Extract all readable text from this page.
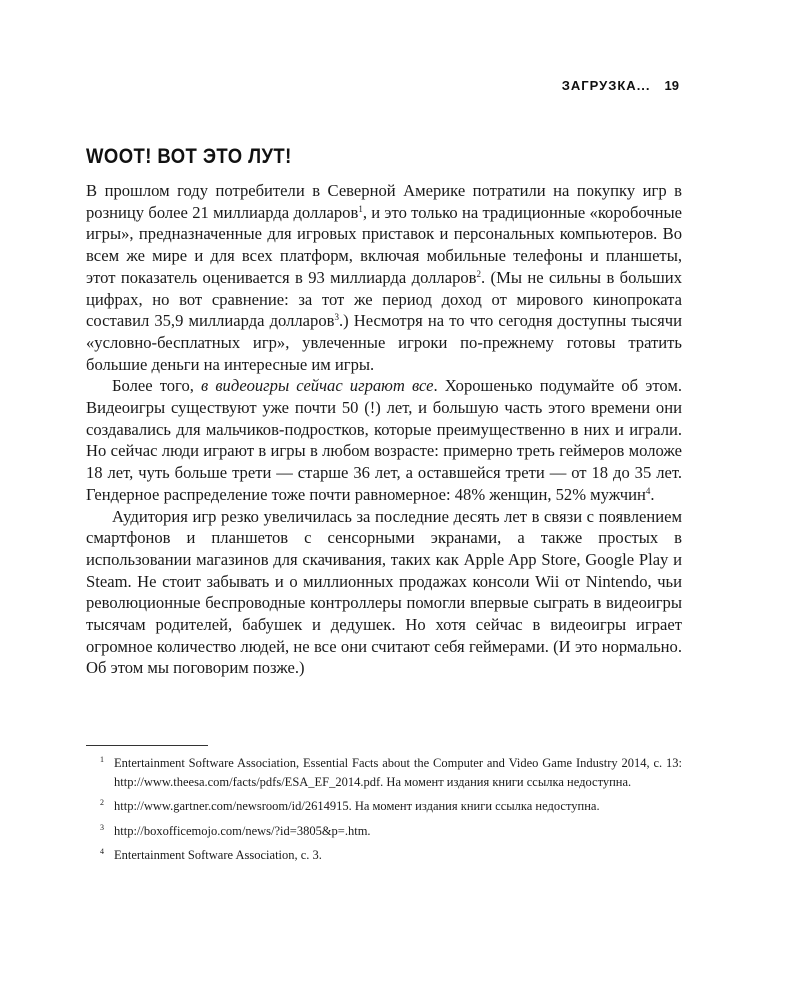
ЗАГРУЗКА... 19
WOOT! ВОТ ЭТО ЛУТ!

В прошлом году потребители в Северной Америке потратили на покупку игр в розницу более 21 миллиарда долларов$^1$, и это только на традиционные «коробочные игры», предназначенные для игровых приставок и персональных компьютеров. Во всем же мире и для всех платформ, включая мобильные телефоны и планшеты, этот показатель оценивается в 93 миллиарда долларов$^2$. (Мы не сильны в больших цифрах, но вот сравнение: за тот же период доход от мирового кинопроката составил 35,9 миллиарда долларов$^3$.) Несмотря на то что сегодня доступны тысячи «условно-бесплатных игр», увлеченные игроки по-прежнему готовы тратить большие деньги на интересные им игры.

Более того, в видеоигры сейчас играют все. Хорошенько подумайте об этом. Видеоигры существуют уже почти 50 (!) лет, и большую часть этого времени они создавались для мальчиков-подростков, которые преимущественно в них и играли. Но сейчас люди играют в игры в любом возрасте: примерно треть геймеров моложе 18 лет, чуть больше трети — старше 36 лет, а оставшейся трети — от 18 до 35 лет. Гендерное распределение тоже почти равномерное: 48% женщин, 52% мужчин$^4$.

Аудитория игр резко увеличилась за последние десять лет в связи с появлением смартфонов и планшетов с сенсорными экранами, а также простых в использовании магазинов для скачивания, таких как Apple App Store, Google Play и Steam. Не стоит забывать и о миллионных продажах консоли Wii от Nintendo, чьи революционные беспроводные контроллеры помогли впервые сыграть в видеоигры тысячам родителей, бабушек и дедушек. Но хотя сейчас в видеоигры играет огромное количество людей, не все они считают себя геймерами. (И это нормально. Об этом мы поговорим позже.)

1 Entertainment Software Association, Essential Facts about the Computer and Video Game Industry 2014, c. 13: http://www.theesa.com/facts/pdfs/ESA_EF_2014.pdf. На момент издания книги ссылка недоступна.
2 http://www.gartner.com/newsroom/id/2614915. На момент издания книги ссылка недоступна.
3 http://boxofficemojo.com/news/?id=3805&p=.htm.
4 Entertainment Software Association, c. 3.
